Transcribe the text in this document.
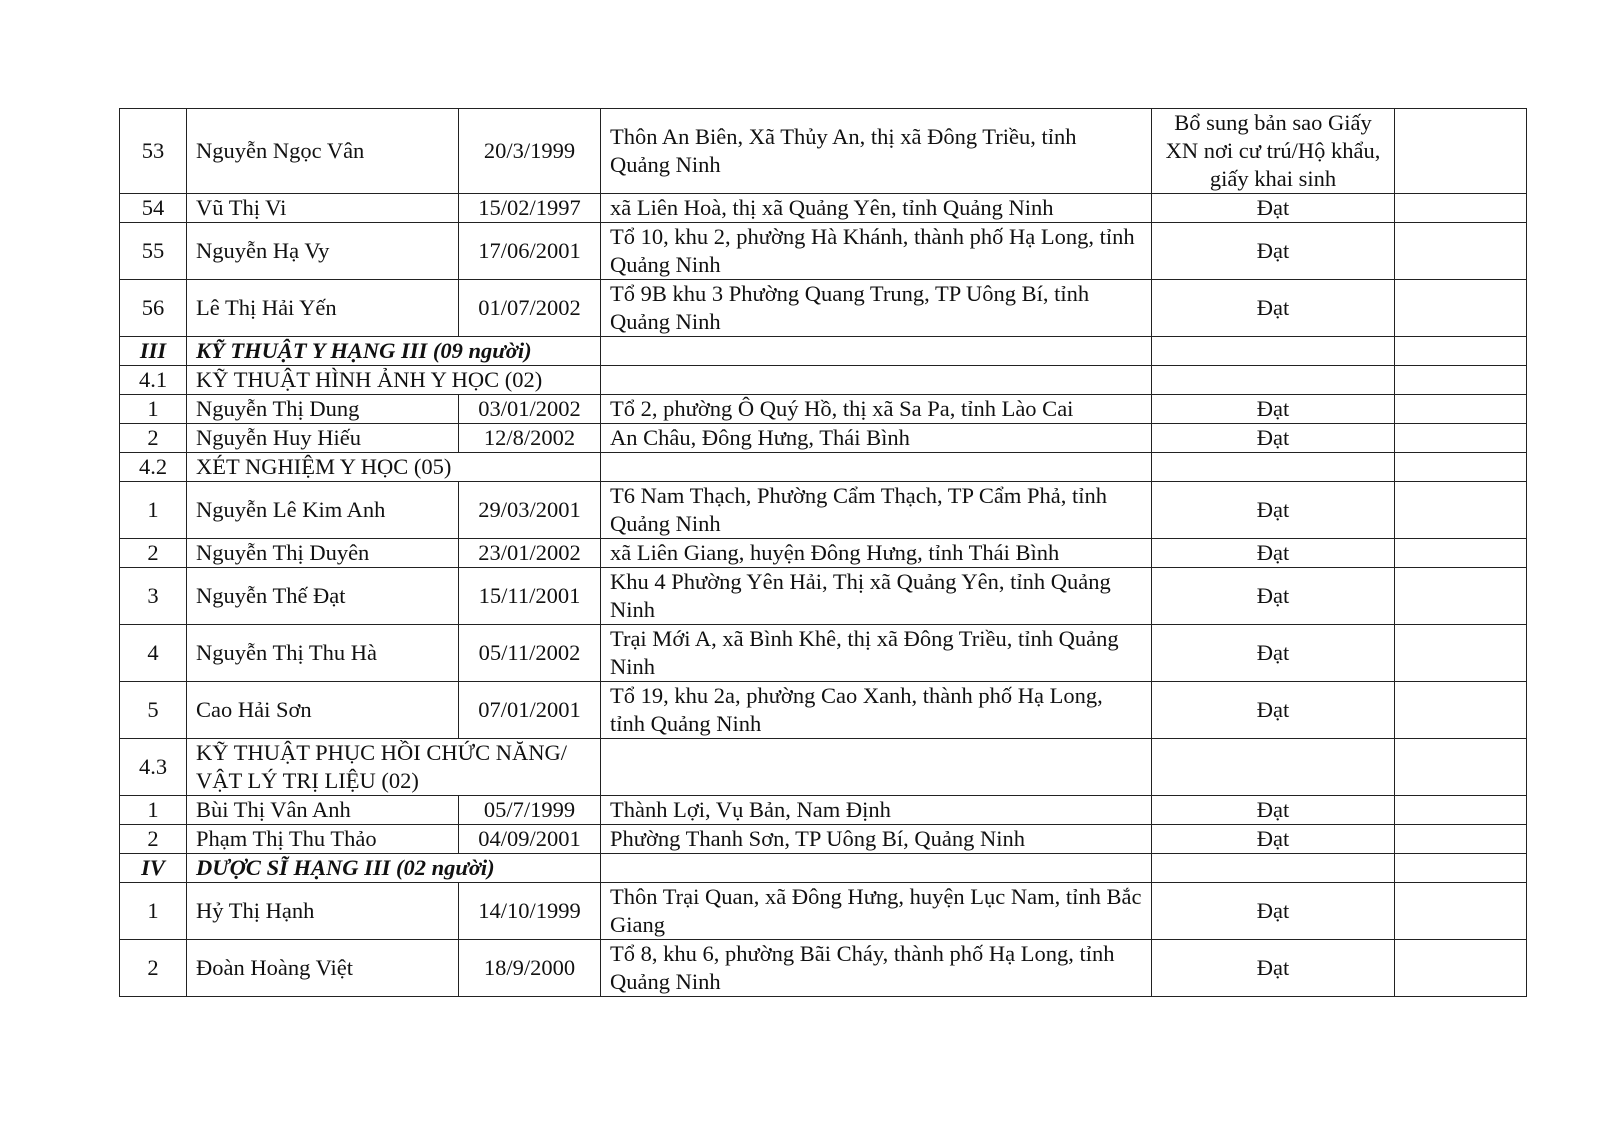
53	Nguyễn Ngọc Vân	20/3/1999	Thôn An Biên, Xã Thủy An, thị xã Đông Triều, tỉnh Quảng Ninh	Bổ sung bản sao Giấy XN nơi cư trú/Hộ khẩu, giấy khai sinh	
54	Vũ Thị Vi	15/02/1997	xã Liên Hoà, thị xã Quảng Yên, tỉnh Quảng Ninh	Đạt	
55	Nguyễn Hạ Vy	17/06/2001	Tổ 10, khu 2, phường Hà Khánh, thành phố Hạ Long, tỉnh Quảng Ninh	Đạt	
56	Lê Thị Hải Yến	01/07/2002	Tổ 9B khu 3 Phường Quang Trung, TP Uông Bí, tỉnh Quảng Ninh	Đạt	
III	KỸ THUẬT Y HẠNG III (09 người)				
4.1	KỸ THUẬT HÌNH ẢNH Y HỌC (02)				
1	Nguyễn Thị Dung	03/01/2002	Tổ 2, phường Ô Quý Hồ, thị xã Sa Pa, tỉnh Lào Cai	Đạt	
2	Nguyễn Huy Hiếu	12/8/2002	An Châu, Đông Hưng, Thái Bình	Đạt	
4.2	XÉT NGHIỆM Y HỌC (05)				
1	Nguyễn Lê Kim Anh	29/03/2001	T6 Nam Thạch, Phường Cẩm Thạch, TP Cẩm Phả, tỉnh Quảng Ninh	Đạt	
2	Nguyễn Thị Duyên	23/01/2002	xã Liên Giang, huyện Đông Hưng, tỉnh Thái Bình	Đạt	
3	Nguyễn Thế Đạt	15/11/2001	Khu 4 Phường Yên Hải, Thị xã Quảng Yên, tỉnh Quảng Ninh	Đạt	
4	Nguyễn Thị Thu Hà	05/11/2002	Trại Mới A, xã Bình Khê, thị xã Đông Triều, tỉnh Quảng Ninh	Đạt	
5	Cao Hải Sơn	07/01/2001	Tổ 19, khu 2a, phường Cao Xanh, thành phố Hạ Long, tỉnh Quảng Ninh	Đạt	
4.3	KỸ THUẬT PHỤC HỒI CHỨC NĂNG/ VẬT LÝ TRỊ LIỆU (02)				
1	Bùi Thị Vân Anh	05/7/1999	Thành Lợi, Vụ Bản, Nam Định	Đạt	
2	Phạm Thị Thu Thảo	04/09/2001	Phường Thanh Sơn, TP Uông Bí, Quảng Ninh	Đạt	
IV	DƯỢC SĨ HẠNG III (02 người)				
1	Hỷ Thị Hạnh	14/10/1999	Thôn Trại Quan, xã Đông Hưng, huyện Lục Nam, tỉnh Bắc Giang	Đạt	
2	Đoàn Hoàng Việt	18/9/2000	Tổ 8, khu 6, phường Bãi Cháy, thành phố Hạ Long, tỉnh Quảng Ninh	Đạt	
